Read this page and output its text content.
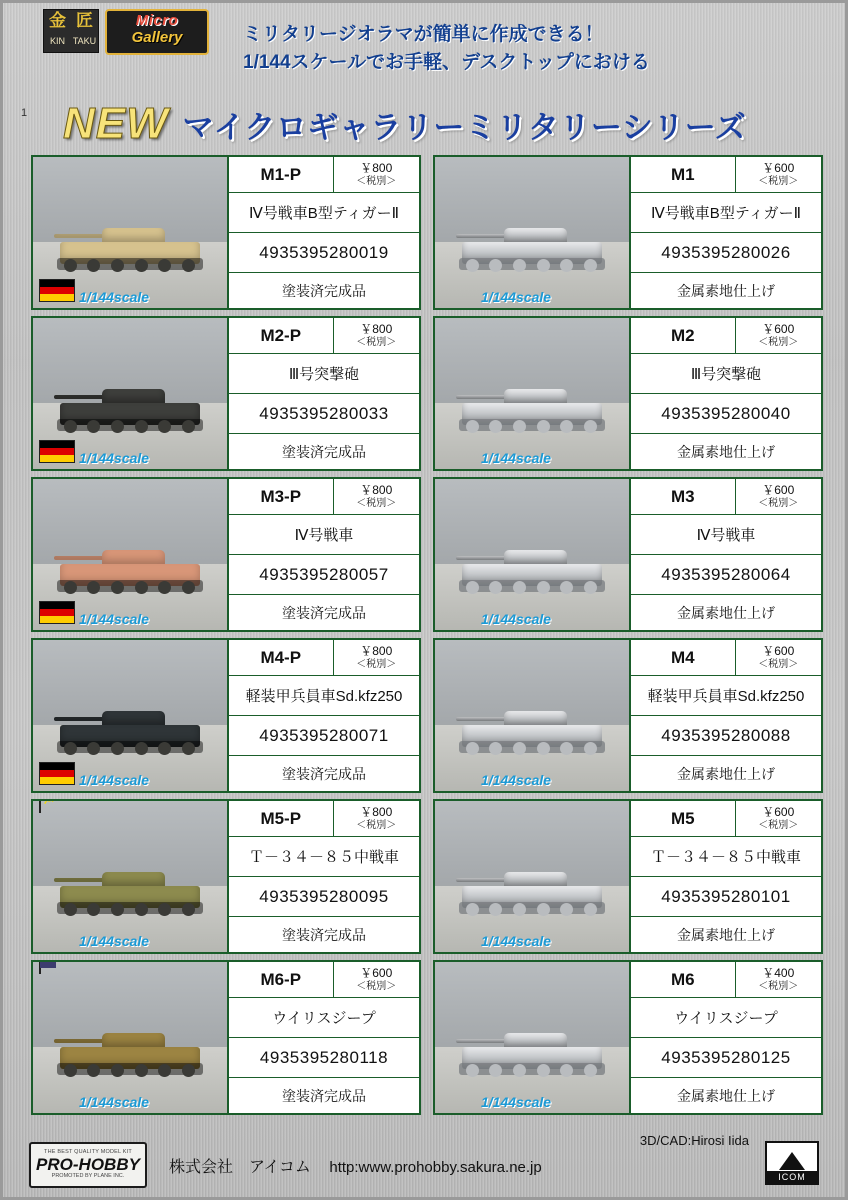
金 匠
KIN TAKU
Micro
Gallery	ミリタリージオラマが簡単に作成できる！
1/144スケールでお手軽、デスクトップにおける
1 NEW マイクロギャラリーミリタリーシリーズ
1/144scale
M1-P	￥800
＜税別＞
Ⅳ号戦車B型ティガーⅡ
4935395280019
塗装済完成品	1/144scale
M1	￥600
＜税別＞
Ⅳ号戦車B型ティガーⅡ
4935395280026
金属素地仕上げ
1/144scale
M2-P	￥800
＜税別＞
Ⅲ号突撃砲
4935395280033
塗装済完成品	1/144scale
M2	￥600
＜税別＞
Ⅲ号突撃砲
4935395280040
金属素地仕上げ
1/144scale
M3-P	￥800
＜税別＞
Ⅳ号戦車
4935395280057
塗装済完成品	1/144scale
M3	￥600
＜税別＞
Ⅳ号戦車
4935395280064
金属素地仕上げ
1/144scale
M4-P	￥800
＜税別＞
軽装甲兵員車Sd.kfz250
4935395280071
塗装済完成品	1/144scale
M4	￥600
＜税別＞
軽装甲兵員車Sd.kfz250
4935395280088
金属素地仕上げ
☭
1/144scale
M5-P	￥800
＜税別＞
Ｔ－３４－８５中戦車
4935395280095
塗装済完成品	1/144scale
M5	￥600
＜税別＞
Ｔ－３４－８５中戦車
4935395280101
金属素地仕上げ
1/144scale
M6-P	￥600
＜税別＞
ウイリスジープ
4935395280118
塗装済完成品	1/144scale
M6	￥400
＜税別＞
ウイリスジープ
4935395280125
金属素地仕上げ
THE BEST QUALITY MODEL KIT
PRO-HOBBY
PROMOTED BY PLANE INC.
株式会社　アイコム http:www.prohobby.sakura.ne.jp
3D/CAD:Hirosi Iida
ICOM
